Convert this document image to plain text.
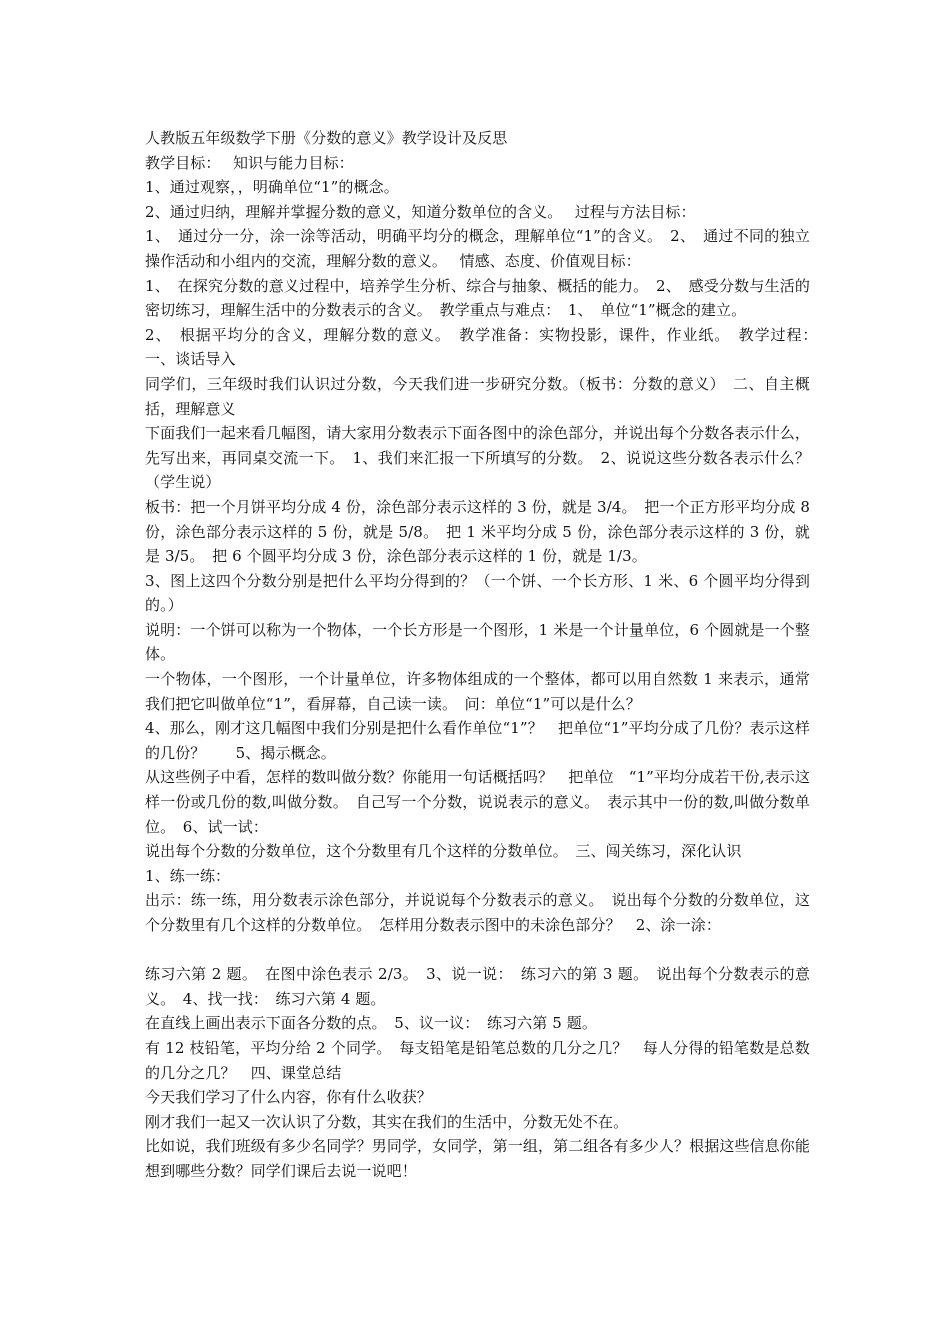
人教版五年级数学下册《分数的意义》教学设计及反思

教学目标：　 知识与能力目标：

1、通过观察，，明确单位“1”的概念。

2、通过归纳，理解并掌握分数的意义，知道分数单位的含义。　 过程与方法目标：

1、　通过分一分，涂一涂等活动，明确平均分的概念，理解单位“1”的含义。　2、　通过不同的独立操作活动和小组内的交流，理解分数的意义。　 情感、态度、价值观目标：

1、　在探究分数的意义过程中，培养学生分析、综合与抽象、概括的能力。　2、　感受分数与生活的密切练习，理解生活中的分数表示的含义。　教学重点与难点：　1、　单位“1”概念的建立。

2、　根据平均分的含义，理解分数的意义。　教学准备：实物投影，课件，作业纸。　教学过程：　 一、谈话导入

同学们，三年级时我们认识过分数，今天我们进一步研究分数。（板书：分数的意义）　二、自主概括，理解意义

下面我们一起来看几幅图，请大家用分数表示下面各图中的涂色部分，并说出每个分数各表示什么，先写出来，再同桌交流一下。　1、我们来汇报一下所填写的分数。　2、说说这些分数各表示什么？　（学生说）

板书：把一个月饼平均分成 4 份，涂色部分表示这样的 3 份，就是 3/4。　把一个正方形平均分成 8 份，涂色部分表示这样的 5 份，就是 5/8。　把 1 米平均分成 5 份，涂色部分表示这样的 3 份，就是 3/5。　把 6 个圆平均分成 3 份，涂色部分表示这样的 1 份，就是 1/3。

3、图上这四个分数分别是把什么平均分得到的？（一个饼、一个长方形、1 米、6 个圆平均分得到的。）

说明：一个饼可以称为一个物体，一个长方形是一个图形，1 米是一个计量单位，6 个圆就是一个整体。

一个物体，一个图形，一个计量单位，许多物体组成的一个整体，都可以用自然数 1 来表示，通常我们把它叫做单位“1”，看屏幕，自己读一读。　问：单位“1”可以是什么？

4、那么，刚才这几幅图中我们分别是把什么看作单位“1”？　把单位“1”平均分成了几份？表示这样的几份？　　5、揭示概念。

从这些例子中看，怎样的数叫做分数？你能用一句话概括吗？　把单位　“1”平均分成若干份,表示这样一份或几份的数,叫做分数。　自己写一个分数，说说表示的意义。　表示其中一份的数,叫做分数单位。　6、试一试：

说出每个分数的分数单位，这个分数里有几个这样的分数单位。　三、闯关练习，深化认识

1、练一练：

出示：练一练，用分数表示涂色部分，并说说每个分数表示的意义。　说出每个分数的分数单位，这个分数里有几个这样的分数单位。　怎样用分数表示图中的未涂色部分？　2、涂一涂：

练习六第 2 题。　在图中涂色表示 2/3。　3、说一说：　练习六的第 3 题。　说出每个分数表示的意义。　4、找一找：　练习六第 4 题。

在直线上画出表示下面各分数的点。　5、议一议：　练习六第 5 题。

有 12 枝铅笔，平均分给 2 个同学。　每支铅笔是铅笔总数的几分之几？　每人分得的铅笔数是总数的几分之几？　四、课堂总结

今天我们学习了什么内容，你有什么收获？

刚才我们一起又一次认识了分数，其实在我们的生活中，分数无处不在。

比如说，我们班级有多少名同学？男同学，女同学，第一组，第二组各有多少人？根据这些信息你能想到哪些分数？同学们课后去说一说吧！
